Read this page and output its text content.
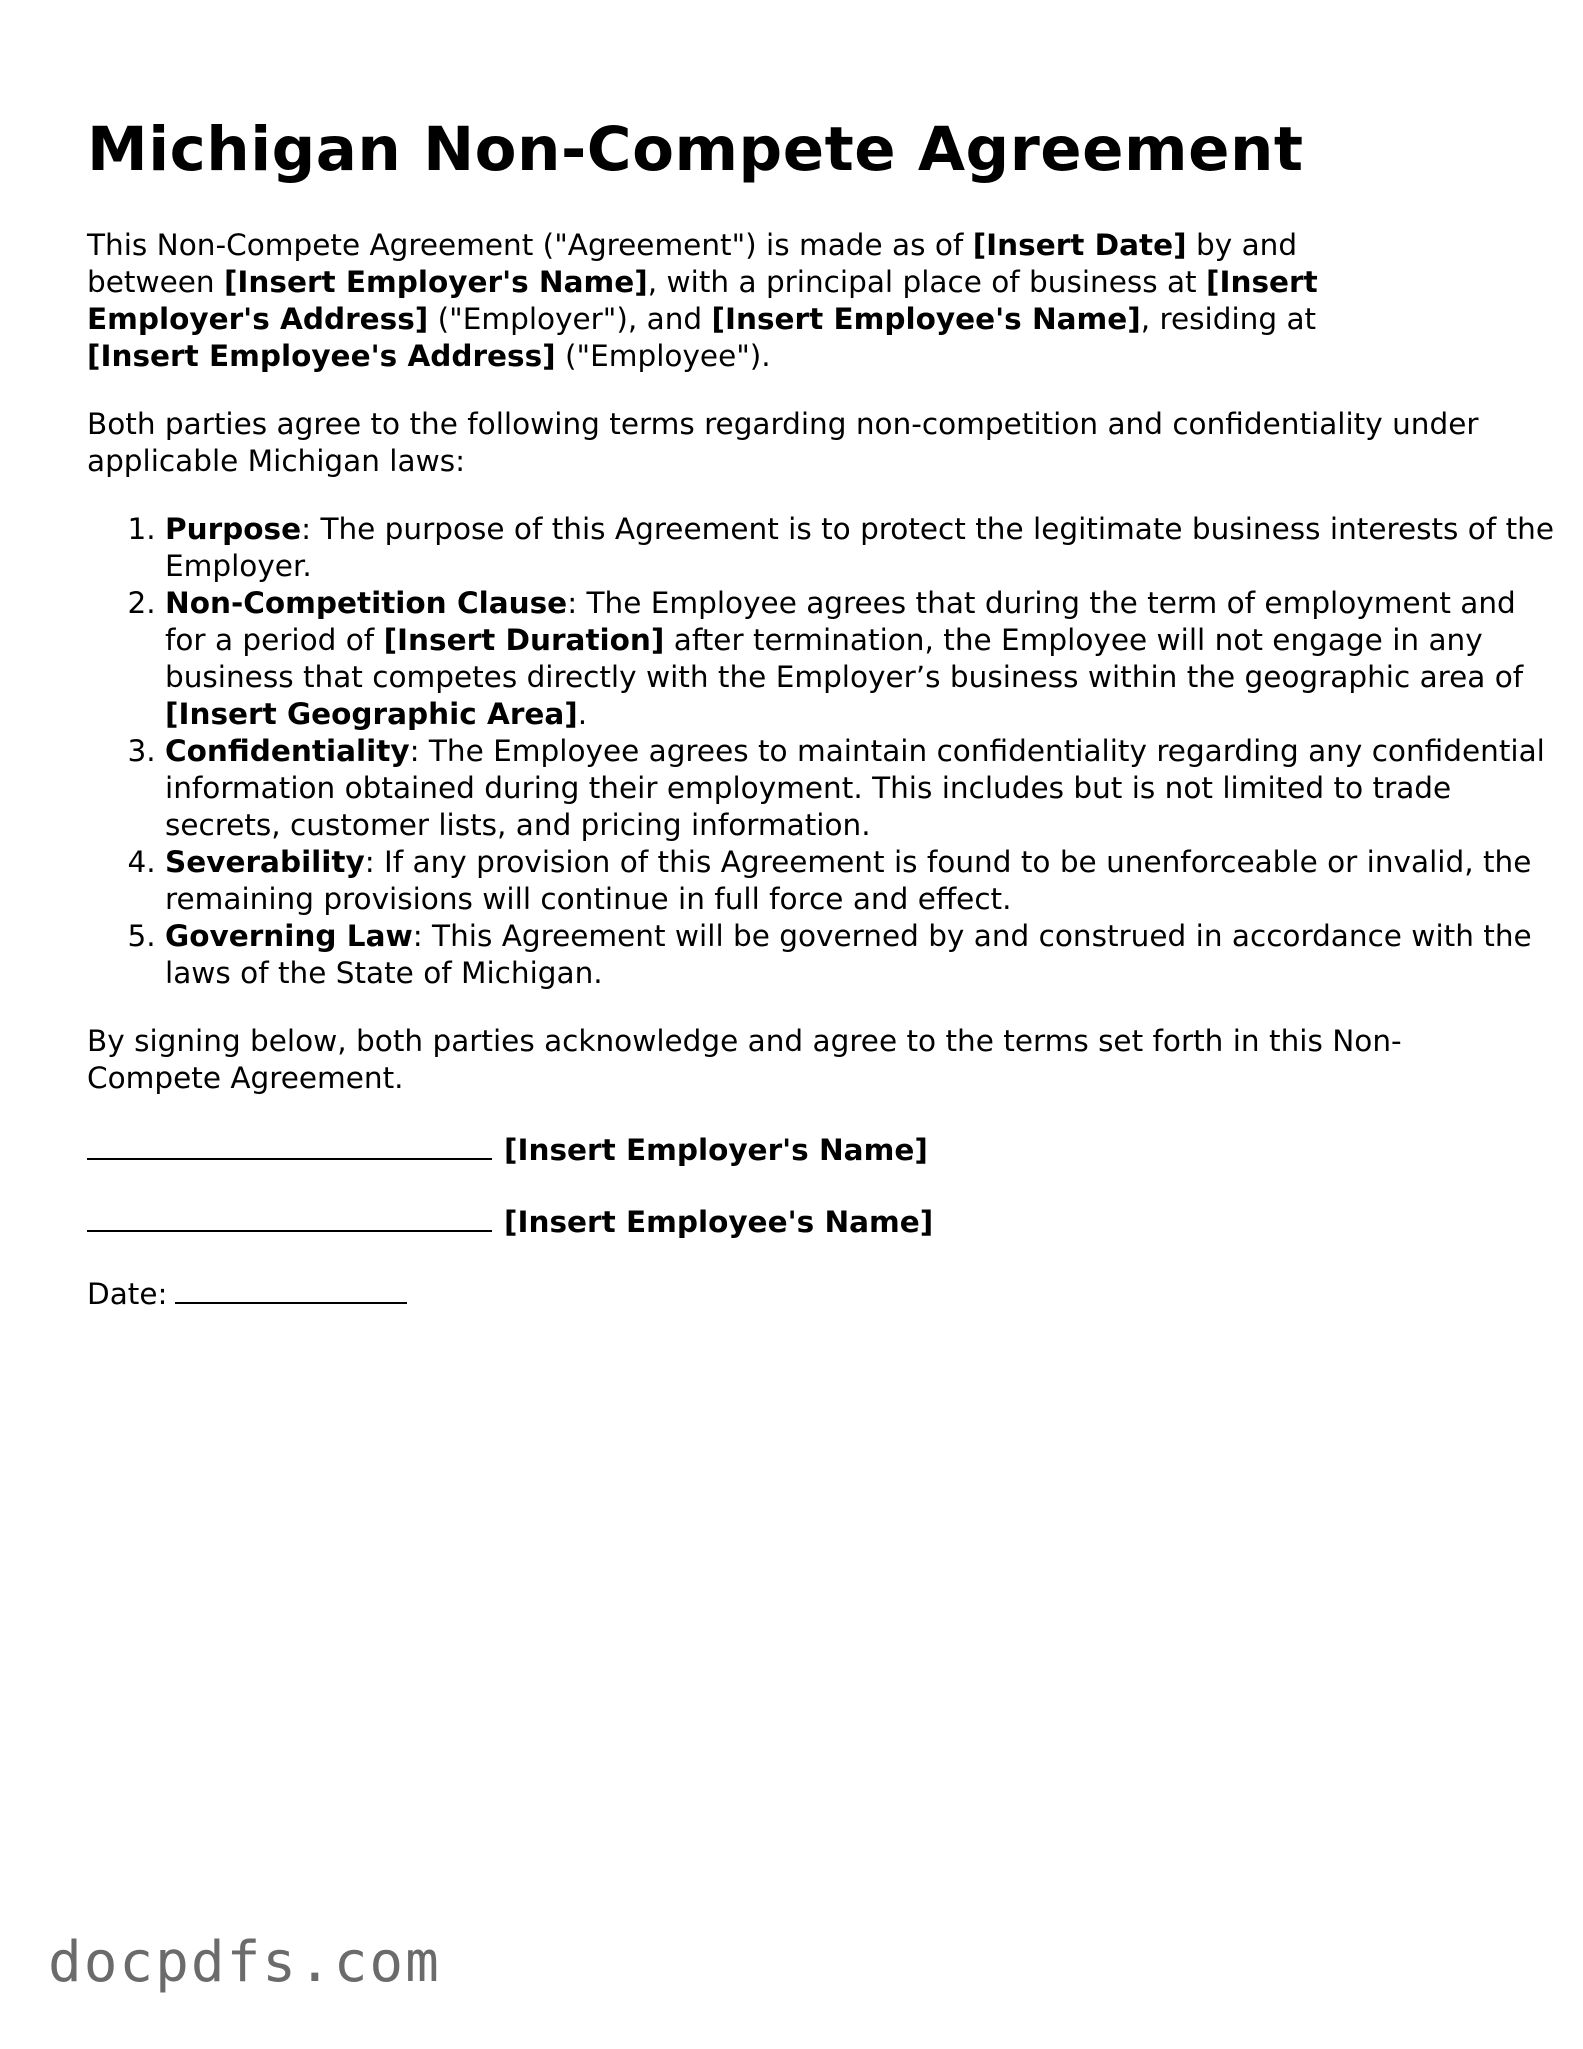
Michigan Non-Compete Agreement

This Non-Compete Agreement ("Agreement") is made as of [Insert Date] by and between [Insert Employer's Name], with a principal place of business at [Insert Employer's Address] ("Employer"), and [Insert Employee's Name], residing at [Insert Employee's Address] ("Employee").

Both parties agree to the following terms regarding non-competition and confidentiality under applicable Michigan laws:

1. Purpose: The purpose of this Agreement is to protect the legitimate business interests of the Employer.
2. Non-Competition Clause: The Employee agrees that during the term of employment and for a period of [Insert Duration] after termination, the Employee will not engage in any business that competes directly with the Employer’s business within the geographic area of [Insert Geographic Area].
3. Confidentiality: The Employee agrees to maintain confidentiality regarding any confidential information obtained during their employment. This includes but is not limited to trade secrets, customer lists, and pricing information.
4. Severability: If any provision of this Agreement is found to be unenforceable or invalid, the remaining provisions will continue in full force and effect.
5. Governing Law: This Agreement will be governed by and construed in accordance with the laws of the State of Michigan.

By signing below, both parties acknowledge and agree to the terms set forth in this Non-Compete Agreement.

[Insert Employer's Name]
[Insert Employee's Name]
Date:
docpdfs.com
